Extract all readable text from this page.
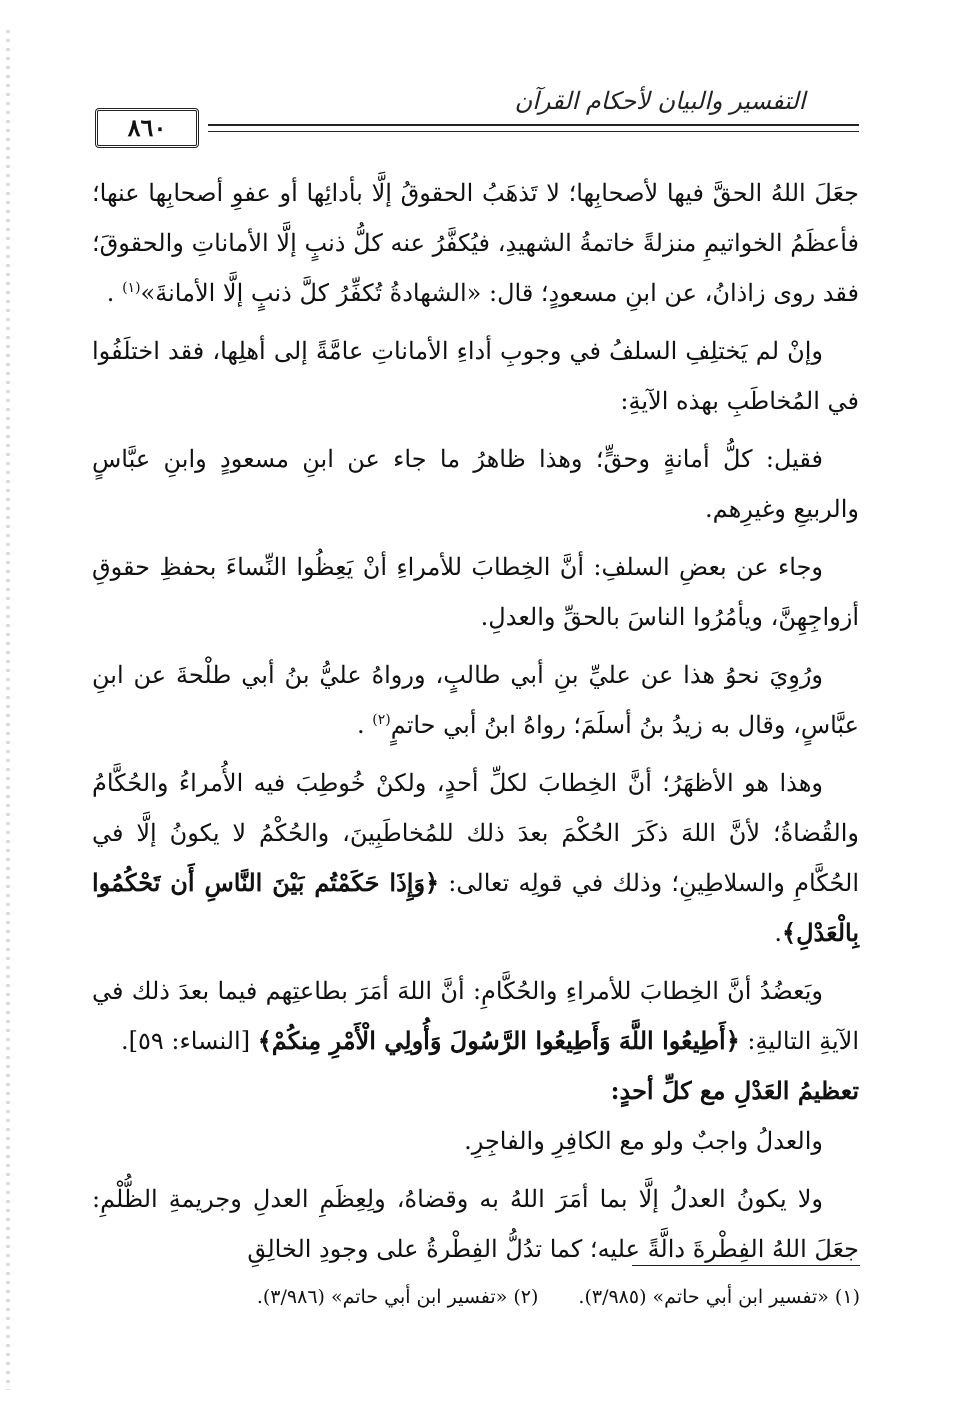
التفسير والبيان لأحكام القرآن
٨٦٠

جعَلَ اللهُ الحقَّ فيها لأصحابِها؛ لا تَذهَبُ الحقوقُ إلَّا بأدائِها أو عفوِ أصحابِها عنها؛ فأعظَمُ الخواتيمِ منزلةً خاتمةُ الشهيدِ، فيُكفَّرُ عنه كلُّ ذنبٍ إلَّا الأماناتِ والحقوقَ؛ فقد روى زاذانُ، عن ابنِ مسعودٍ؛ قال: «الشهادةُ تُكفِّرُ كلَّ ذنبٍ إلَّا الأمانةَ»$^{(١)}$ .

وإنْ لم يَختلِفِ السلفُ في وجوبِ أداءِ الأماناتِ عامَّةً إلى أهلِها، فقد اختلَفُوا في المُخاطَبِ بهذه الآيةِ:

فقيل: كلُّ أمانةٍ وحقٍّ؛ وهذا ظاهرُ ما جاء عن ابنِ مسعودٍ وابنِ عبَّاسٍ والربيعِ وغيرِهم.

وجاء عن بعضِ السلفِ: أنَّ الخِطابَ للأمراءِ أنْ يَعِظُوا النِّساءَ بحفظِ حقوقِ أزواجِهِنَّ، ويأمُرُوا الناسَ بالحقِّ والعدلِ.

ورُوِيَ نحوُ هذا عن عليِّ بنِ أبي طالبٍ، ورواهُ عليُّ بنُ أبي طلْحةَ عن ابنِ عبَّاسٍ، وقال به زيدُ بنُ أسلَمَ؛ رواهُ ابنُ أبي حاتمٍ$^{(٢)}$ .

وهذا هو الأظهَرُ؛ أنَّ الخِطابَ لكلِّ أحدٍ، ولكنْ خُوطِبَ فيه الأُمراءُ والحُكَّامُ والقُضاةُ؛ لأنَّ اللهَ ذكَرَ الحُكْمَ بعدَ ذلك للمُخاطَبِينَ، والحُكْمُ لا يكونُ إلَّا في الحُكَّامِ والسلاطِينِ؛ وذلك في قولِه تعالى: ﴿وَإِذَا حَكَمْتُم بَيْنَ النَّاسِ أَن تَحْكُمُوا بِالْعَدْلِ﴾.

ويَعضُدُ أنَّ الخِطابَ للأمراءِ والحُكَّامِ: أنَّ اللهَ أمَرَ بطاعتِهم فيما بعدَ ذلك في الآيةِ التاليةِ: ﴿أَطِيعُوا اللَّهَ وَأَطِيعُوا الرَّسُولَ وَأُولِي الْأَمْرِ مِنكُمْ﴾ [النساء: ٥٩].

تعظيمُ العَدْلِ مع كلِّ أحدٍ:

والعدلُ واجبٌ ولو مع الكافِرِ والفاجِرِ.

ولا يكونُ العدلُ إلَّا بما أمَرَ اللهُ به وقضاهُ، ولِعِظَمِ العدلِ وجريمةِ الظُّلْمِ: جعَلَ اللهُ الفِطْرةَ دالَّةً عليه؛ كما تدُلُّ الفِطْرةُ على وجودِ الخالِقِ

(١) «تفسير ابن أبي حاتم» (٣/٩٨٥).
(٢) «تفسير ابن أبي حاتم» (٣/٩٨٦).
